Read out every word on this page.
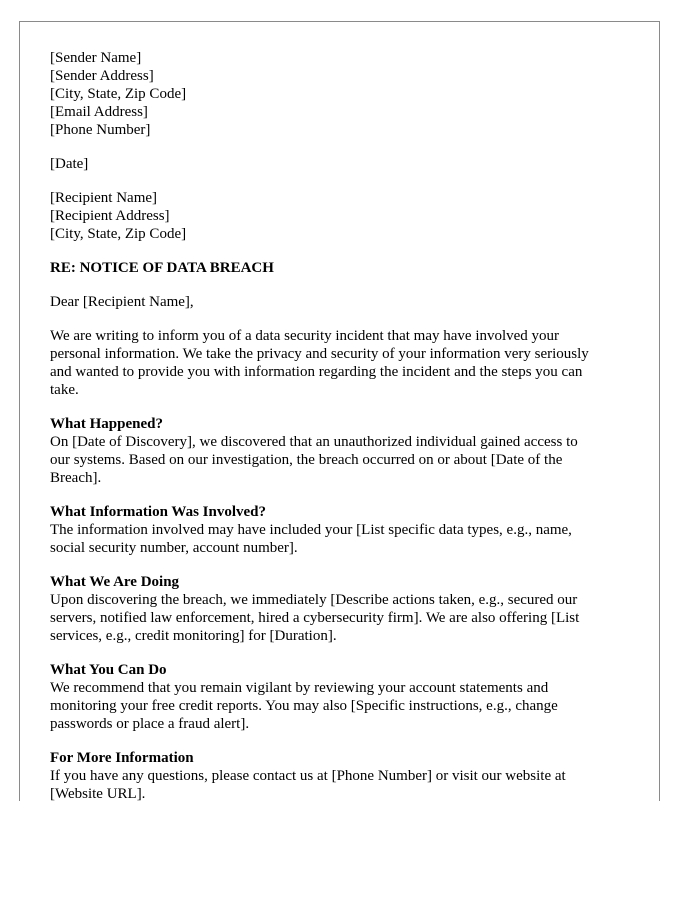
[Sender Name]
[Sender Address]
[City, State, Zip Code]
[Email Address]
[Phone Number]
[Date]
[Recipient Name]
[Recipient Address]
[City, State, Zip Code]
RE: NOTICE OF DATA BREACH
Dear [Recipient Name],
We are writing to inform you of a data security incident that may have involved your
personal information. We take the privacy and security of your information very seriously
and wanted to provide you with information regarding the incident and the steps you can
take.
What Happened?
On [Date of Discovery], we discovered that an unauthorized individual gained access to
our systems. Based on our investigation, the breach occurred on or about [Date of the
Breach].
What Information Was Involved?
The information involved may have included your [List specific data types, e.g., name,
social security number, account number].
What We Are Doing
Upon discovering the breach, we immediately [Describe actions taken, e.g., secured our
servers, notified law enforcement, hired a cybersecurity firm]. We are also offering [List
services, e.g., credit monitoring] for [Duration].
What You Can Do
We recommend that you remain vigilant by reviewing your account statements and
monitoring your free credit reports. You may also [Specific instructions, e.g., change
passwords or place a fraud alert].
For More Information
If you have any questions, please contact us at [Phone Number] or visit our website at
[Website URL].
